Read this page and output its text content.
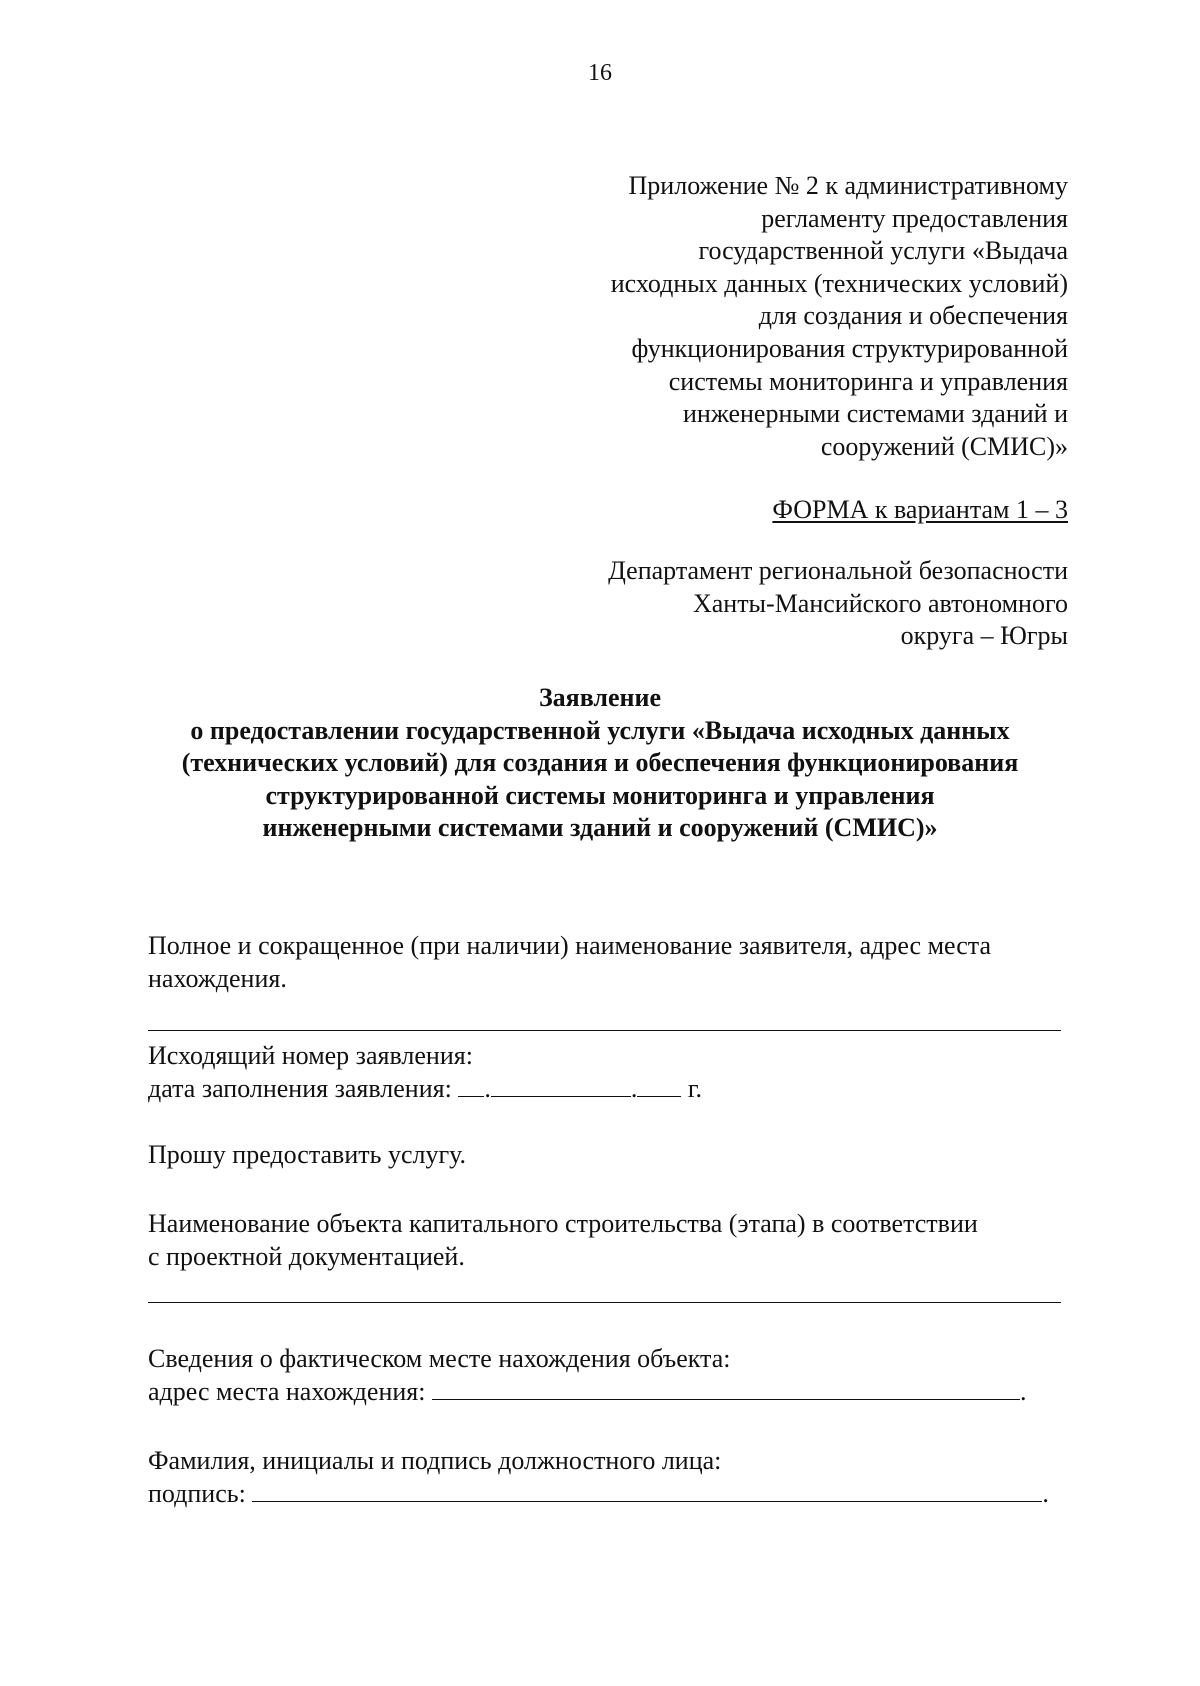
16
Приложение № 2 к административному
регламенту предоставления
государственной услуги «Выдача
исходных данных (технических условий)
для создания и обеспечения
функционирования структурированной
системы мониторинга и управления
инженерными системами зданий и
сооружений (СМИС)»
ФОРМА к вариантам 1 – 3
Департамент региональной безопасности
Ханты-Мансийского автономного
округа – Югры
Заявление
о предоставлении государственной услуги «Выдача исходных данных
(технических условий) для создания и обеспечения функционирования
структурированной системы мониторинга и управления
инженерными системами зданий и сооружений (СМИС)»
Полное и сокращенное (при наличии) наименование заявителя, адрес места
нахождения.
Исходящий номер заявления:
дата заполнения заявления: .	. г.
Прошу предоставить услугу.
Наименование объекта капитального строительства (этапа) в соответствии
с проектной документацией.
Сведения о фактическом месте нахождения объекта:
адрес места нахождения:	.
Фамилия, инициалы и подпись должностного лица:
подпись:	.
